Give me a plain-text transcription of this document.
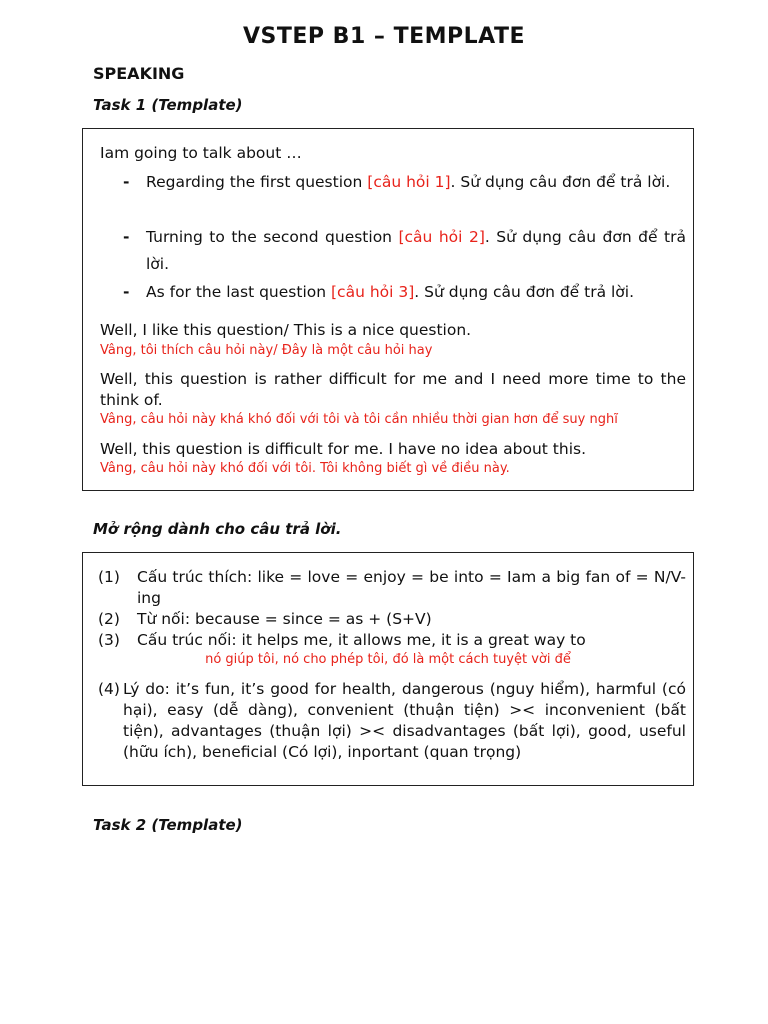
VSTEP B1 – TEMPLATE
SPEAKING
Task 1 (Template)
Iam going to talk about …
- Regarding the first question [câu hỏi 1]. Sử dụng câu đơn để trả lời.
- Turning to the second question [câu hỏi 2]. Sử dụng câu đơn để trả lời.
- As for the last question [câu hỏi 3]. Sử dụng câu đơn để trả lời.
Well, I like this question/ This is a nice question.
Vâng, tôi thích câu hỏi này/ Đây là một câu hỏi hay
Well, this question is rather difficult for me and I need more time to the think of.
Vâng, câu hỏi này khá khó đối với tôi và tôi cần nhiều thời gian hơn để suy nghĩ
Well, this question is difficult for me. I have no idea about this.
Vâng, câu hỏi này khó đối với tôi. Tôi không biết gì về điều này.
Mở rộng dành cho câu trả lời.
(1) Cấu trúc thích: like = love = enjoy = be into = Iam a big fan of = N/V-ing
(2) Từ nối: because = since = as + (S+V)
(3) Cấu trúc nối: it helps me, it allows me, it is a great way to
nó giúp tôi, nó cho phép tôi, đó là một cách tuyệt vời để
(4) Lý do: it’s fun, it’s good for health, dangerous (nguy hiểm), harmful (có hại), easy (dễ dàng), convenient (thuận tiện) >< inconvenient (bất tiện), advantages (thuận lợi) >< disadvantages (bất lợi), good, useful (hữu ích), beneficial (Có lợi), inportant (quan trọng)
Task 2 (Template)
